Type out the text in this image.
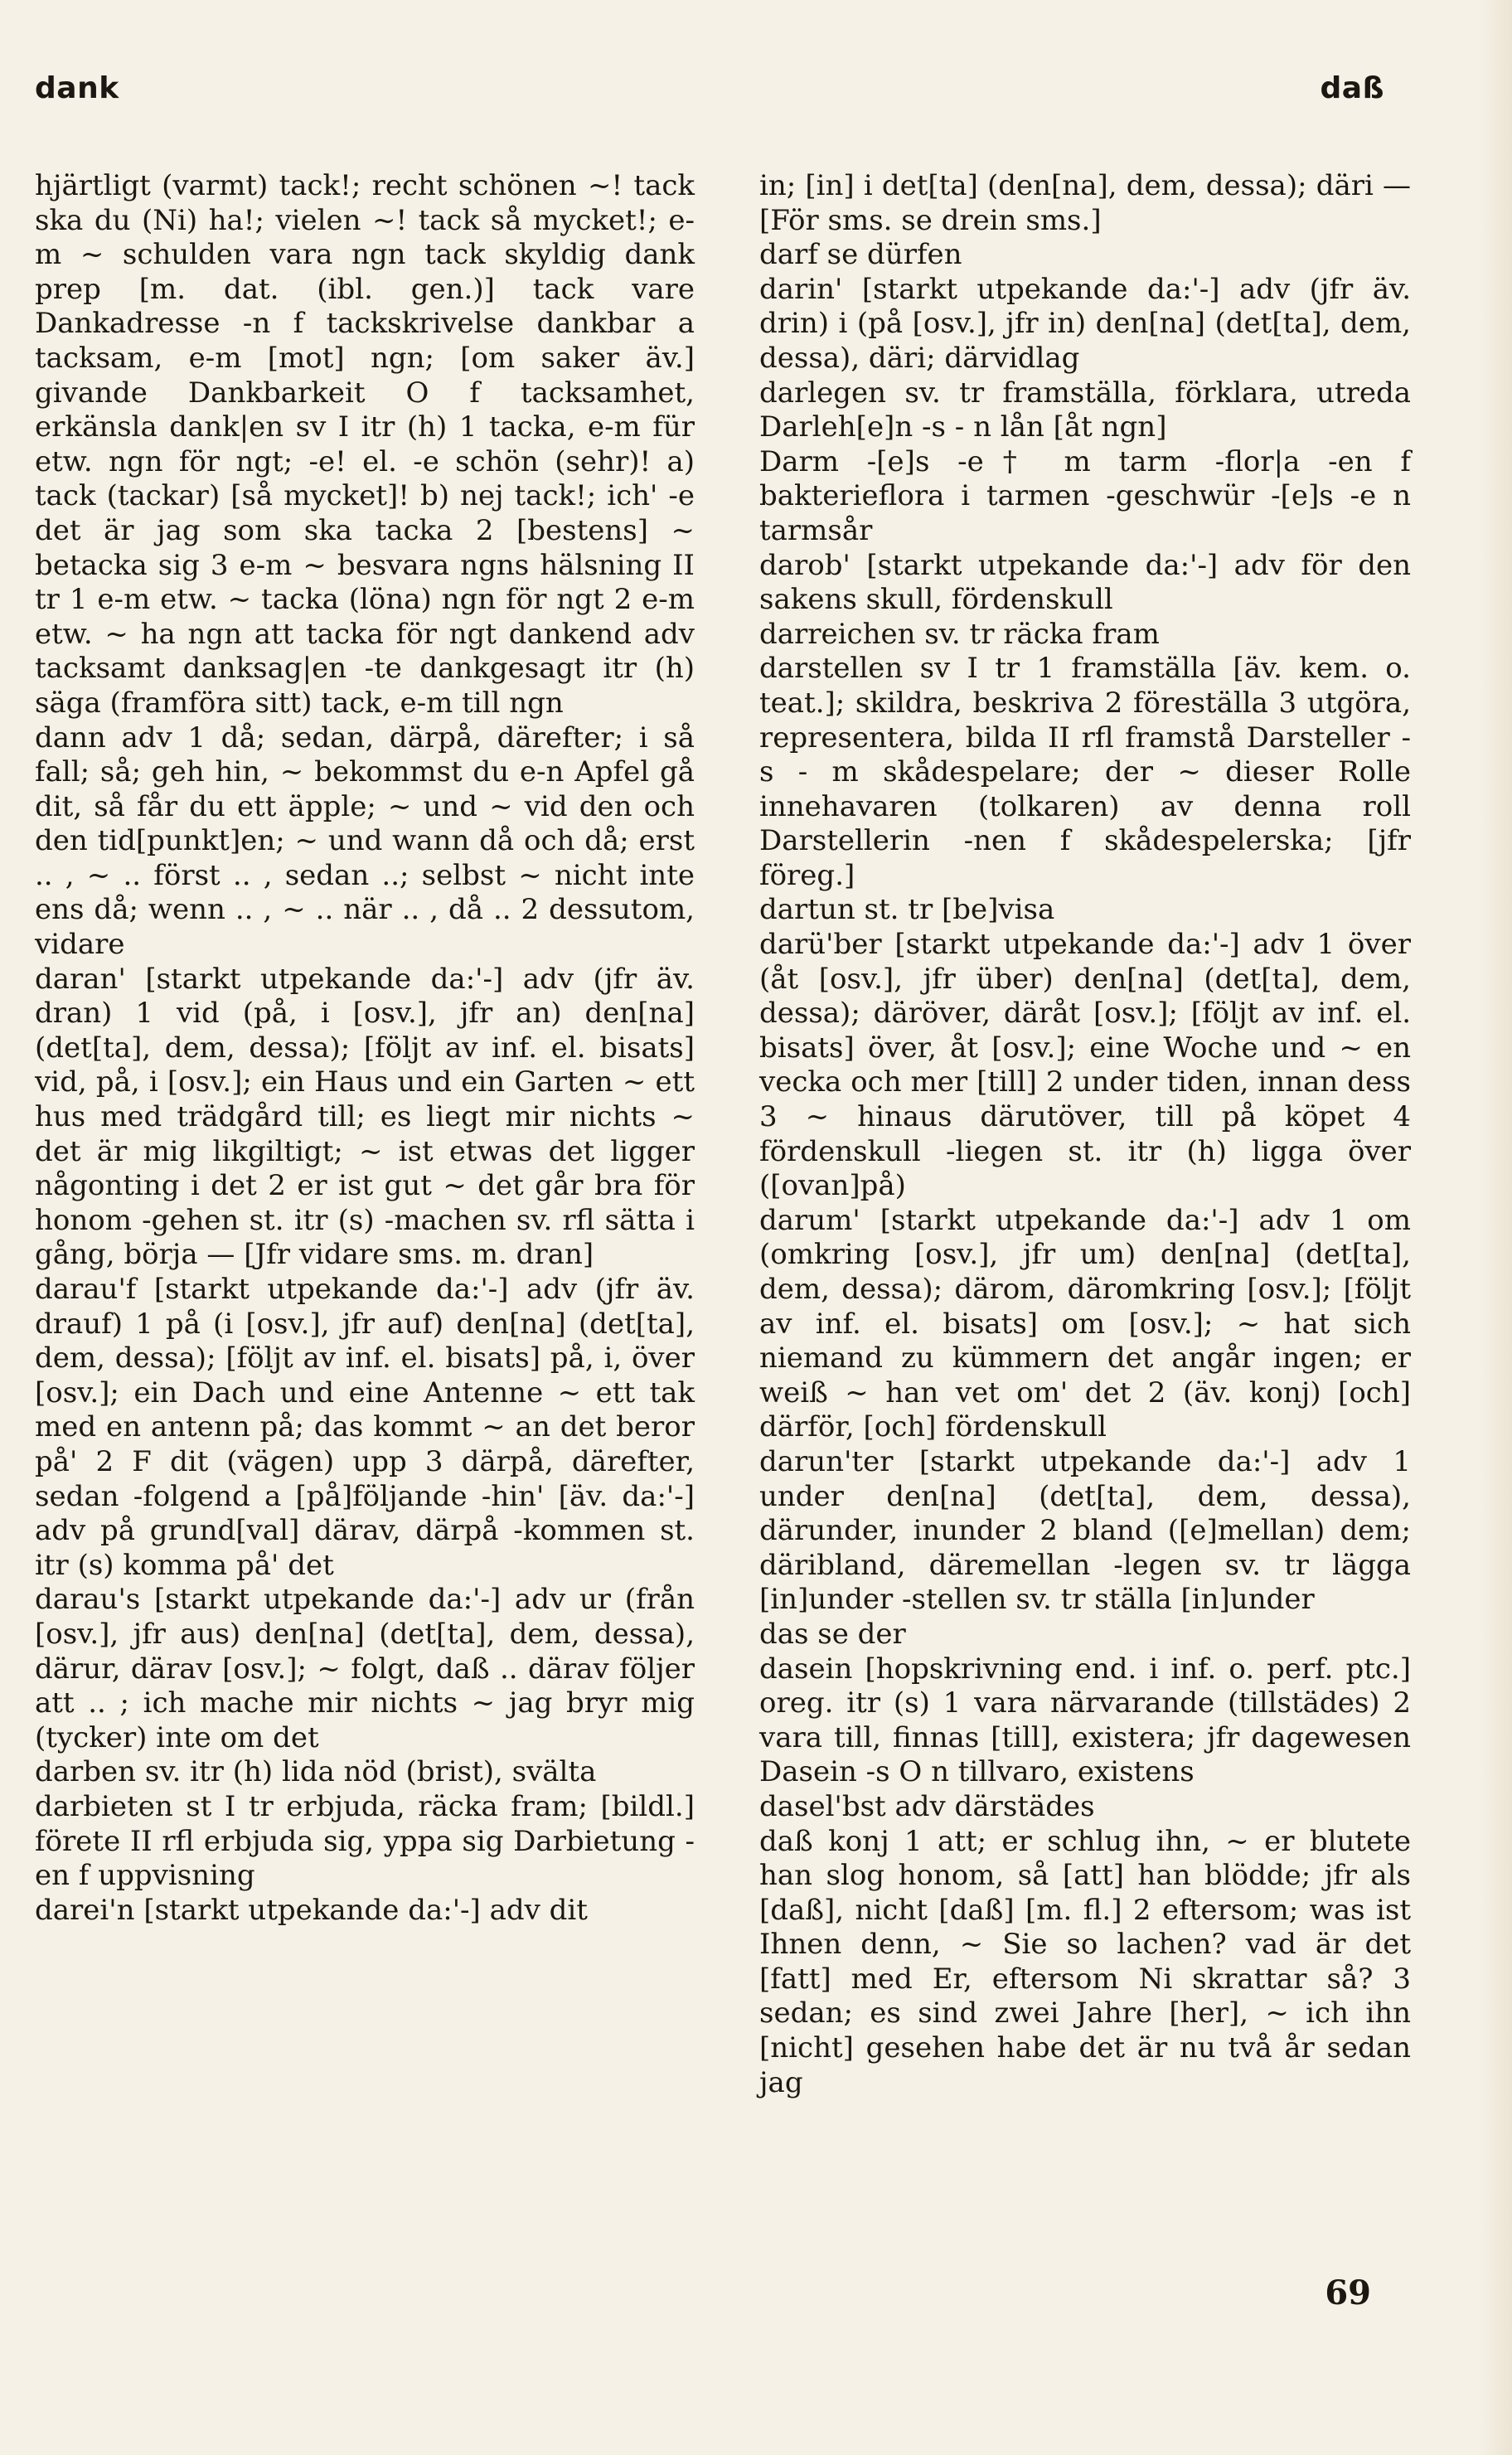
dank	daß

hjärtligt (varmt) tack!; recht schönen ~! tack ska du (Ni) ha!; vielen ~! tack så mycket!; e-m ~ schulden vara ngn tack skyldig dank prep [m. dat. (ibl. gen.)] tack vare Dankadresse -n f tackskrivelse dankbar a tacksam, e-m [mot] ngn; [om saker äv.] givande Dankbarkeit O f tacksamhet, erkänsla dank|en sv I itr (h) 1 tacka, e-m für etw. ngn för ngt; -e! el. -e schön (sehr)! a) tack (tackar) [så mycket]! b) nej tack!; ich' -e det är jag som ska tacka 2 [bestens] ~ betacka sig 3 e-m ~ besvara ngns hälsning II tr 1 e-m etw. ~ tacka (löna) ngn för ngt 2 e-m etw. ~ ha ngn att tacka för ngt dankend adv tacksamt danksag|en -te dankgesagt itr (h) säga (framföra sitt) tack, e-m till ngn

dann adv 1 då; sedan, därpå, därefter; i så fall; så; geh hin, ~ bekommst du e-n Apfel gå dit, så får du ett äpple; ~ und ~ vid den och den tid[punkt]en; ~ und wann då och då; erst .. , ~ .. först .. , sedan ..; selbst ~ nicht inte ens då; wenn .. , ~ .. när .. , då .. 2 dessutom, vidare

daran' [starkt utpekande da:'-] adv (jfr äv. dran) 1 vid (på, i [osv.], jfr an) den[na] (det[ta], dem, dessa); [följt av inf. el. bisats] vid, på, i [osv.]; ein Haus und ein Garten ~ ett hus med trädgård till; es liegt mir nichts ~ det är mig likgiltigt; ~ ist etwas det ligger någonting i det 2 er ist gut ~ det går bra för honom -gehen st. itr (s) -machen sv. rfl sätta i gång, börja — [Jfr vidare sms. m. dran]

darau'f [starkt utpekande da:'-] adv (jfr äv. drauf) 1 på (i [osv.], jfr auf) den[na] (det[ta], dem, dessa); [följt av inf. el. bisats] på, i, över [osv.]; ein Dach und eine Antenne ~ ett tak med en antenn på; das kommt ~ an det beror på' 2 F dit (vägen) upp 3 därpå, därefter, sedan -folgend a [på]följande -hin' [äv. da:'-] adv på grund[val] därav, därpå -kommen st. itr (s) komma på' det

darau's [starkt utpekande da:'-] adv ur (från [osv.], jfr aus) den[na] (det[ta], dem, dessa), därur, därav [osv.]; ~ folgt, daß .. därav följer att .. ; ich mache mir nichts ~ jag bryr mig (tycker) inte om det

darben sv. itr (h) lida nöd (brist), svälta

darbieten st I tr erbjuda, räcka fram; [bildl.] förete II rfl erbjuda sig, yppa sig Darbietung -en f uppvisning

darei'n [starkt utpekande da:'-] adv dit

in; [in] i det[ta] (den[na], dem, dessa); däri — [För sms. se drein sms.]

darf se dürfen

darin' [starkt utpekande da:'-] adv (jfr äv. drin) i (på [osv.], jfr in) den[na] (det[ta], dem, dessa), däri; därvidlag

darlegen sv. tr framställa, förklara, utreda Darleh[e]n -s - n lån [åt ngn]

Darm -[e]s -e† m tarm -flor|a -en f bakterieflora i tarmen -geschwür -[e]s -e n tarmsår

darob' [starkt utpekande da:'-] adv för den sakens skull, fördenskull

darreichen sv. tr räcka fram

darstellen sv I tr 1 framställa [äv. kem. o. teat.]; skildra, beskriva 2 föreställa 3 utgöra, representera, bilda II rfl framstå Darsteller -s - m skådespelare; der ~ dieser Rolle innehavaren (tolkaren) av denna roll Darstellerin -nen f skådespelerska; [jfr föreg.]

dartun st. tr [be]visa

darü'ber [starkt utpekande da:'-] adv 1 över (åt [osv.], jfr über) den[na] (det[ta], dem, dessa); däröver, däråt [osv.]; [följt av inf. el. bisats] över, åt [osv.]; eine Woche und ~ en vecka och mer [till] 2 under tiden, innan dess 3 ~ hinaus därutöver, till på köpet 4 fördenskull -liegen st. itr (h) ligga över ([ovan]på)

darum' [starkt utpekande da:'-] adv 1 om (omkring [osv.], jfr um) den[na] (det[ta], dem, dessa); därom, däromkring [osv.]; [följt av inf. el. bisats] om [osv.]; ~ hat sich niemand zu kümmern det angår ingen; er weiß ~ han vet om' det 2 (äv. konj) [och] därför, [och] fördenskull

darun'ter [starkt utpekande da:'-] adv 1 under den[na] (det[ta], dem, dessa), därunder, inunder 2 bland ([e]mellan) dem; däribland, däremellan -legen sv. tr lägga [in]under -stellen sv. tr ställa [in]under

das se der

dasein [hopskrivning end. i inf. o. perf. ptc.] oreg. itr (s) 1 vara närvarande (tillstädes) 2 vara till, finnas [till], existera; jfr dagewesen Dasein -s O n tillvaro, existens

dasel'bst adv därstädes

daß konj 1 att; er schlug ihn, ~ er blutete han slog honom, så [att] han blödde; jfr als [daß], nicht [daß] [m. fl.] 2 eftersom; was ist Ihnen denn, ~ Sie so lachen? vad är det [fatt] med Er, eftersom Ni skrattar så? 3 sedan; es sind zwei Jahre [her], ~ ich ihn [nicht] gesehen habe det är nu två år sedan jag

69
